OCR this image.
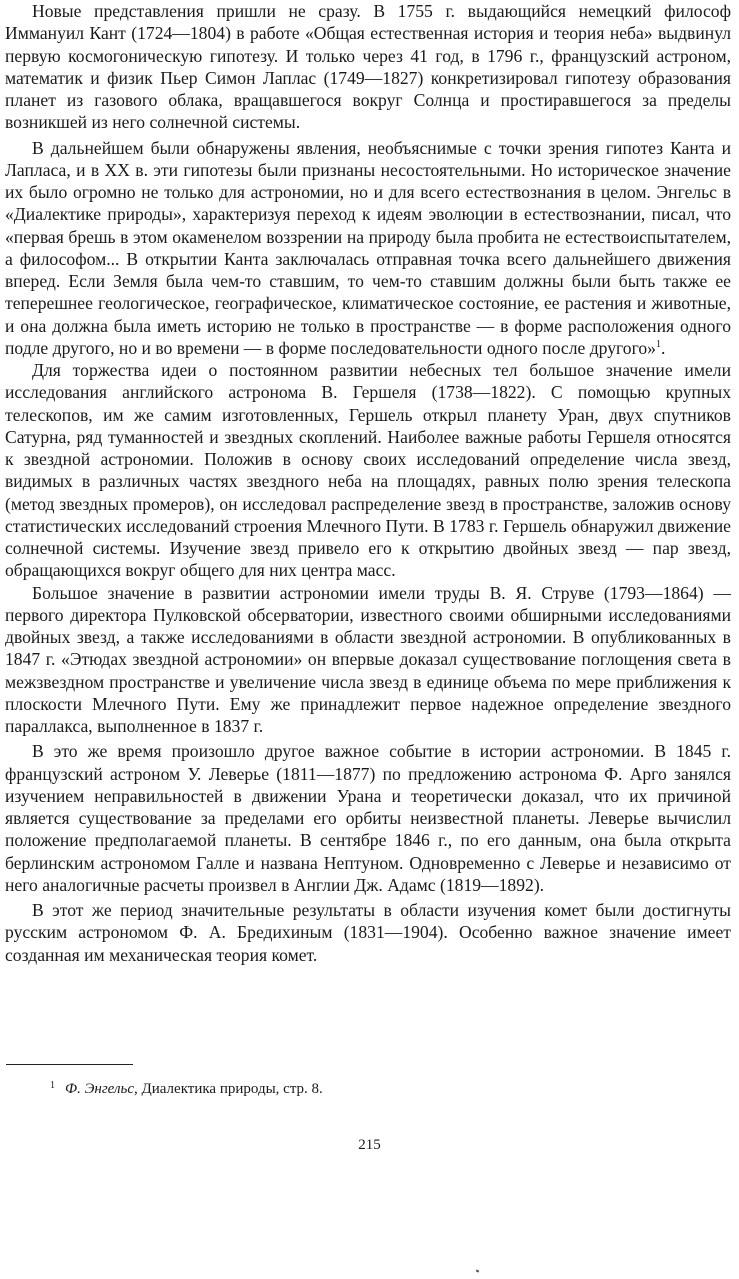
Новые представления пришли не сразу. В 1755 г. выдающийся немецкий философ Иммануил Кант (1724—1804) в работе «Общая естественная история и теория неба» выдвинул первую космогоническую гипотезу. И только через 41 год, в 1796 г., французский астроном, математик и физик Пьер Симон Лаплас (1749—1827) конкретизировал гипотезу образования планет из газового облака, вращавшегося вокруг Солнца и простиравшегося за пределы возникшей из него солнечной системы.

В дальнейшем были обнаружены явления, необъяснимые с точки зрения гипотез Канта и Лапласа, и в XX в. эти гипотезы были признаны несостоятельными. Но историческое значение их было огромно не только для астрономии, но и для всего естествознания в целом. Энгельс в «Диалектике природы», характеризуя переход к идеям эволюции в естествознании, писал, что «первая брешь в этом окаменелом воззрении на природу была пробита не естествоиспытателем, а философом... В открытии Канта заключалась отправная точка всего дальнейшего движения вперед. Если Земля была чем-то ставшим, то чем-то ставшим должны были быть также ее теперешнее геологическое, географическое, климатическое состояние, ее растения и животные, и она должна была иметь историю не только в пространстве — в форме расположения одного подле другого, но и во времени — в форме последовательности одного после другого»$^1$.

Для торжества идеи о постоянном развитии небесных тел большое значение имели исследования английского астронома В. Гершеля (1738—1822). С помощью крупных телескопов, им же самим изготовленных, Гершель открыл планету Уран, двух спутников Сатурна, ряд туманностей и звездных скоплений. Наиболее важные работы Гершеля относятся к звездной астрономии. Положив в основу своих исследований определение числа звезд, видимых в различных частях звездного неба на площадях, равных полю зрения телескопа (метод звездных промеров), он исследовал распределение звезд в пространстве, заложив основу статистических исследований строения Млечного Пути. В 1783 г. Гершель обнаружил движение солнечной системы. Изучение звезд привело его к открытию двойных звезд — пар звезд, обращающихся вокруг общего для них центра масс.

Большое значение в развитии астрономии имели труды В. Я. Струве (1793—1864) — первого директора Пулковской обсерватории, известного своими обширными исследованиями двойных звезд, а также исследованиями в области звездной астрономии. В опубликованных в 1847 г. «Этюдах звездной астрономии» он впервые доказал существование поглощения света в межзвездном пространстве и увеличение числа звезд в единице объема по мере приближения к плоскости Млечного Пути. Ему же принадлежит первое надежное определение звездного параллакса, выполненное в 1837 г.

В это же время произошло другое важное событие в истории астрономии. В 1845 г. французский астроном У. Леверье (1811—1877) по предложению астронома Ф. Арго занялся изучением неправильностей в движении Урана и теоретически доказал, что их причиной является существование за пределами его орбиты неизвестной планеты. Леверье вычислил положение предполагаемой планеты. В сентябре 1846 г., по его данным, она была открыта берлинским астрономом Галле и названа Нептуном. Одновременно с Леверье и независимо от него аналогичные расчеты произвел в Англии Дж. Адамс (1819—1892).

В этот же период значительные результаты в области изучения комет были достигнуты русским астрономом Ф. А. Бредихиным (1831—1904). Особенно важное значение имеет созданная им механическая теория комет.

$^1$ Ф. Энгельс, Диалектика природы, стр. 8.
215
